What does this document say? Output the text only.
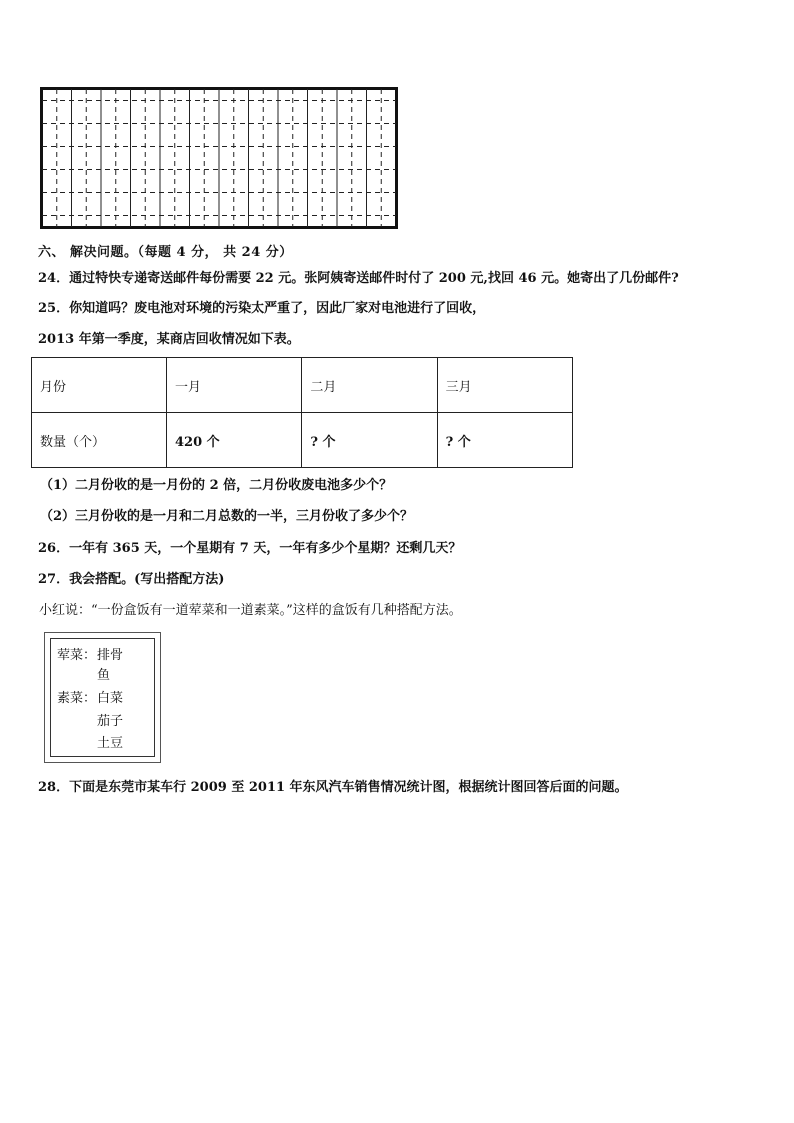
六、 解决问题。（每题 4 分， 共 24 分）
24．通过特快专递寄送邮件每份需要 22 元。张阿姨寄送邮件时付了 200 元,找回 46 元。她寄出了几份邮件?
25．你知道吗？废电池对环境的污染太严重了，因此厂家对电池进行了回收，
2013 年第一季度，某商店回收情况如下表。
月份	一月	二月	三月
数量（个）	420 个	? 个	? 个
（1）二月份收的是一月份的 2 倍，二月份收废电池多少个？
（2）三月份收的是一月和二月总数的一半，三月份收了多少个？
26．一年有 365 天，一个星期有 7 天，一年有多少个星期？还剩几天？
27．我会搭配。(写出搭配方法)
小红说：“一份盒饭有一道荤菜和一道素菜。”这样的盒饭有几种搭配方法。
荤菜： 排骨
鱼
素菜： 白菜
茄子
土豆
28．下面是东莞市某车行 2009 至 2011 年东风汽车销售情况统计图，根据统计图回答后面的问题。
